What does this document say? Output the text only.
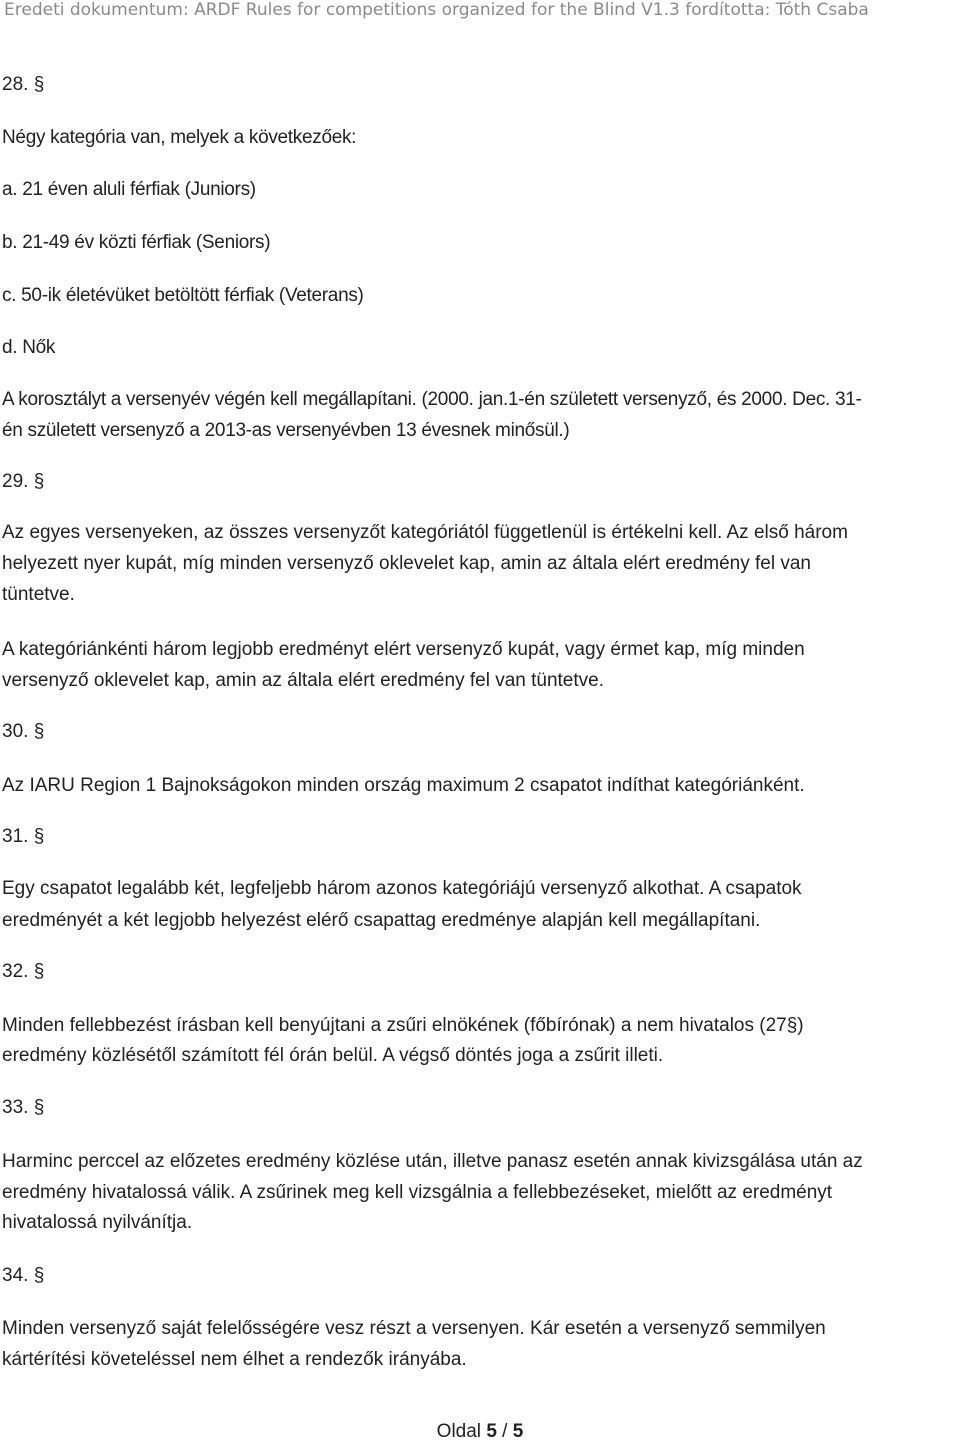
Eredeti dokumentum: ARDF Rules for competitions organized for the Blind V1.3 fordította: Tóth Csaba
28. §
Négy kategória van, melyek a következőek:
a. 21 éven aluli férfiak (Juniors)
b. 21-49 év közti férfiak (Seniors)
c. 50-ik életévüket betöltött férfiak (Veterans)
d. Nők
A korosztályt a versenyév végén kell megállapítani. (2000. jan.1-én született versenyző, és 2000. Dec. 31-
én született versenyző a 2013-as versenyévben 13 évesnek minősül.)
29. §
Az egyes versenyeken, az összes versenyzőt kategóriától függetlenül is értékelni kell. Az első három
helyezett nyer kupát, míg minden versenyző oklevelet kap, amin az általa elért eredmény fel van
tüntetve.
A kategóriánkénti három legjobb eredményt elért versenyző kupát, vagy érmet kap, míg minden
versenyző oklevelet kap, amin az általa elért eredmény fel van tüntetve.
30. §
Az IARU Region 1 Bajnokságokon minden ország maximum 2 csapatot indíthat kategóriánként.
31. §
Egy csapatot legalább két, legfeljebb három azonos kategóriájú versenyző alkothat. A csapatok
eredményét a két legjobb helyezést elérő csapattag eredménye alapján kell megállapítani.
32. §
Minden fellebbezést írásban kell benyújtani a zsűri elnökének (főbírónak) a nem hivatalos (27§)
eredmény közlésétől számított fél órán belül. A végső döntés joga a zsűrit illeti.
33. §
Harminc perccel az előzetes eredmény közlése után, illetve panasz esetén annak kivizsgálása után az
eredmény hivatalossá válik. A zsűrinek meg kell vizsgálnia a fellebbezéseket, mielőtt az eredményt
hivatalossá nyilvánítja.
34. §
Minden versenyző saját felelősségére vesz részt a versenyen. Kár esetén a versenyző semmilyen
kártérítési követeléssel nem élhet a rendezők irányába.
Oldal 5 / 5
